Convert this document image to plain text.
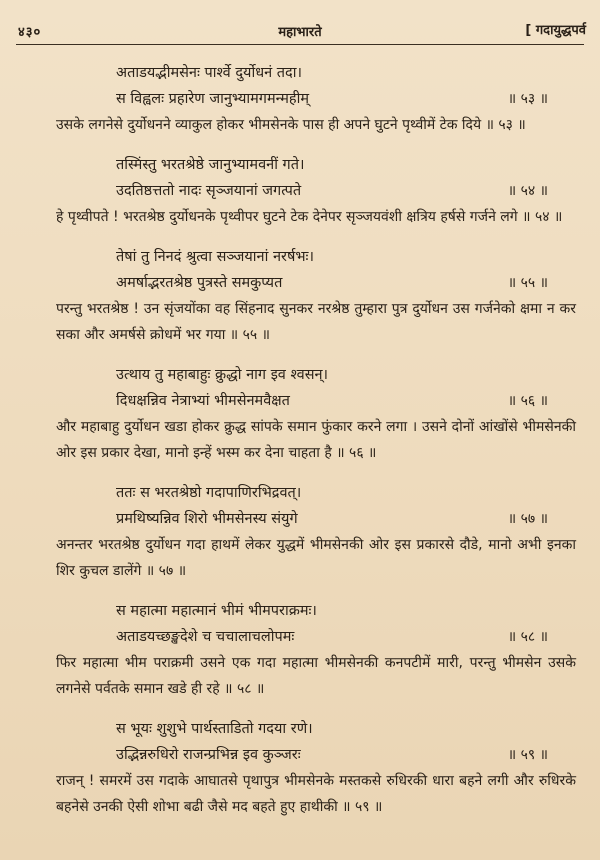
४३०	महाभारते	[ गदायुद्धपर्व
अताडयद्भीमसेनः पार्श्वे दुर्योधनं तदा।
स विह्वलः प्रहारेण जानुभ्यामगमन्महीम्	॥ ५३ ॥
उसके लगनेसे दुर्योधनने व्याकुल होकर भीमसेनके पास ही अपने घुटने पृथ्वीमें टेक दिये ॥ ५३ ॥
तस्मिंस्तु भरतश्रेष्ठे जानुभ्यामवनीं गते।
उदतिष्ठत्ततो नादः सृञ्जयानां जगत्पते	॥ ५४ ॥
हे पृथ्वीपते ! भरतश्रेष्ठ दुर्योधनके पृथ्वीपर घुटने टेक देनेपर सृञ्जयवंशी क्षत्रिय हर्षसे गर्जने लगे ॥ ५४ ॥
तेषां तु निनदं श्रुत्वा सञ्जयानां नरर्षभः।
अमर्षाद्भरतश्रेष्ठ पुत्रस्ते समकुप्यत	॥ ५५ ॥
परन्तु भरतश्रेष्ठ ! उन सृंजयोंका वह सिंहनाद सुनकर नरश्रेष्ठ तुम्हारा पुत्र दुर्योधन उस गर्जनेको क्षमा न कर सका और अमर्षसे क्रोधमें भर गया ॥ ५५ ॥
उत्थाय तु महाबाहुः क्रुद्धो नाग इव श्वसन्।
दिधक्षन्निव नेत्राभ्यां भीमसेनमवैक्षत	॥ ५६ ॥
और महाबाहु दुर्योधन खडा होकर क्रुद्ध सांपके समान फुंकार करने लगा । उसने दोनों आंखोंसे भीमसेनकी ओर इस प्रकार देखा, मानो इन्हें भस्म कर देना चाहता है ॥ ५६ ॥
ततः स भरतश्रेष्ठो गदापाणिरभिद्रवत्।
प्रमथिष्यन्निव शिरो भीमसेनस्य संयुगे	॥ ५७ ॥
अनन्तर भरतश्रेष्ठ दुर्योधन गदा हाथमें लेकर युद्धमें भीमसेनकी ओर इस प्रकारसे दौडे, मानो अभी इनका शिर कुचल डालेंगे ॥ ५७ ॥
स महात्मा महात्मानं भीमं भीमपराक्रमः।
अताडयच्छङ्खदेशे च चचालाचलोपमः	॥ ५८ ॥
फिर महात्मा भीम पराक्रमी उसने एक गदा महात्मा भीमसेनकी कनपटीमें मारी, परन्तु भीमसेन उसके लगनेसे पर्वतके समान खडे ही रहे ॥ ५८ ॥
स भूयः शुशुभे पार्थस्ताडितो गदया रणे।
उद्भिन्नरुधिरो राजन्प्रभिन्न इव कुञ्जरः	॥ ५९ ॥
राजन् ! समरमें उस गदाके आघातसे पृथापुत्र भीमसेनके मस्तकसे रुधिरकी धारा बहने लगी और रुधिरके बहनेसे उनकी ऐसी शोभा बढी जैसे मद बहते हुए हाथीकी ॥ ५९ ॥
